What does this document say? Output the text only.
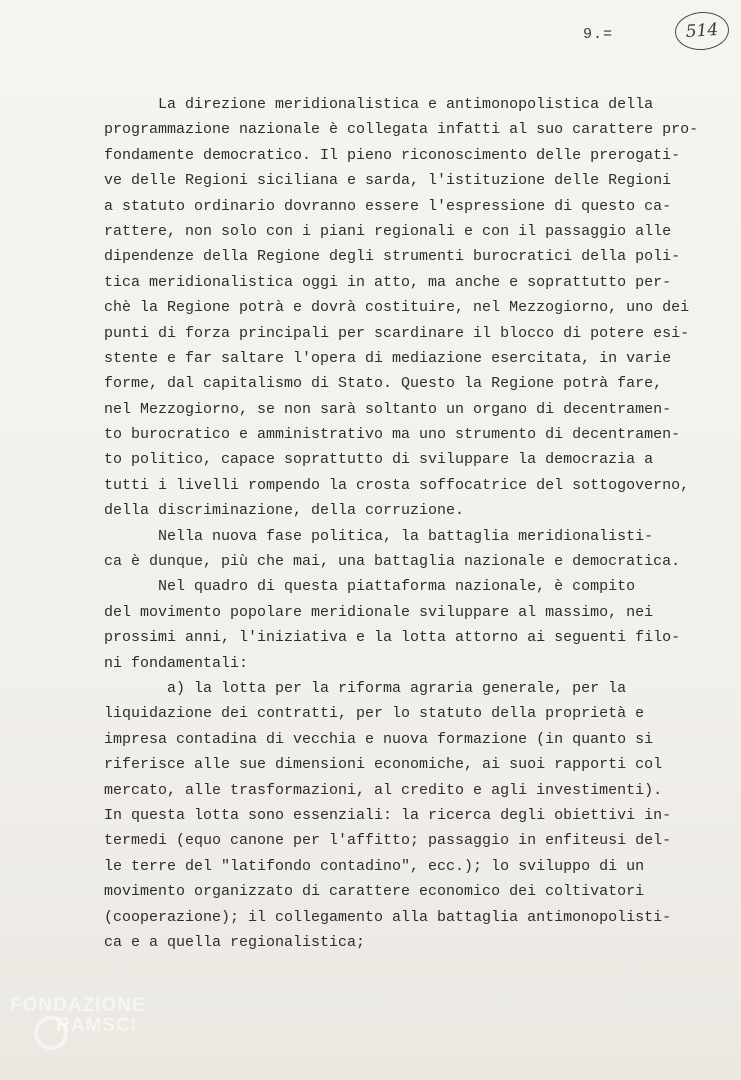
9.=	514
La direzione meridionalistica e antimonopolistica della
programmazione nazionale è collegata infatti al suo carattere pro-
fondamente democratico. Il pieno riconoscimento delle prerogati-
ve delle Regioni siciliana e sarda, l'istituzione delle Regioni
a statuto ordinario dovranno essere l'espressione di questo ca-
rattere, non solo con i piani regionali e con il passaggio alle
dipendenze della Regione degli strumenti burocratici della poli-
tica meridionalistica oggi in atto, ma anche e soprattutto per-
chè la Regione potrà e dovrà costituire, nel Mezzogiorno, uno dei
punti di forza principali per scardinare il blocco di potere esi-
stente e far saltare l'opera di mediazione esercitata, in varie
forme, dal capitalismo di Stato. Questo la Regione potrà fare,
nel Mezzogiorno, se non sarà soltanto un organo di decentramen-
to burocratico e amministrativo ma uno strumento di decentramen-
to politico, capace soprattutto di sviluppare la democrazia a
tutti i livelli rompendo la crosta soffocatrice del sottogoverno,
della discriminazione, della corruzione.
Nella nuova fase politica, la battaglia meridionalisti-
ca è dunque, più che mai, una battaglia nazionale e democratica.
Nel quadro di questa piattaforma nazionale, è compito
del movimento popolare meridionale sviluppare al massimo, nei
prossimi anni, l'iniziativa e la lotta attorno ai seguenti filo-
ni fondamentali:
a) la lotta per la riforma agraria generale, per la
liquidazione dei contratti, per lo statuto della proprietà e
impresa contadina di vecchia e nuova formazione (in quanto si
riferisce alle sue dimensioni economiche, ai suoi rapporti col
mercato, alle trasformazioni, al credito e agli investimenti).
In questa lotta sono essenziali: la ricerca degli obiettivi in-
termedi (equo canone per l'affitto; passaggio in enfiteusi del-
le terre del "latifondo contadino", ecc.); lo sviluppo di un
movimento organizzato di carattere economico dei coltivatori
(cooperazione); il collegamento alla battaglia antimonopolisti-
ca e a quella regionalistica;
FONDAZIONE
RAMSCI
